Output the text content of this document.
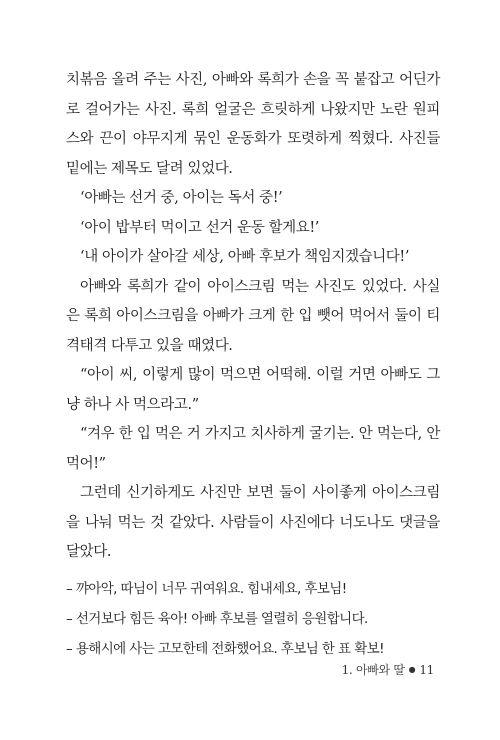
치볶음 올려 주는 사진, 아빠와 록희가 손을 꼭 붙잡고 어딘가로 걸어가는 사진. 록희 얼굴은 흐릿하게 나왔지만 노란 원피스와 끈이 야무지게 묶인 운동화가 또렷하게 찍혔다. 사진들 밑에는 제목도 달려 있었다.

‘아빠는 선거 중, 아이는 독서 중!’

‘아이 밥부터 먹이고 선거 운동 할게요!’

‘내 아이가 살아갈 세상, 아빠 후보가 책임지겠습니다!’

아빠와 록희가 같이 아이스크림 먹는 사진도 있었다. 사실은 록희 아이스크림을 아빠가 크게 한 입 뺏어 먹어서 둘이 티격태격 다투고 있을 때였다.

“아이 씨, 이렇게 많이 먹으면 어떡해. 이럴 거면 아빠도 그냥 하나 사 먹으라고.”

“겨우 한 입 먹은 거 가지고 치사하게 굴기는. 안 먹는다, 안 먹어!”

그런데 신기하게도 사진만 보면 둘이 사이좋게 아이스크림을 나눠 먹는 것 같았다. 사람들이 사진에다 너도나도 댓글을 달았다.

– 꺄아악, 따님이 너무 귀여워요. 힘내세요, 후보님!

– 선거보다 힘든 육아! 아빠 후보를 열렬히 응원합니다.

– 용해시에 사는 고모한테 전화했어요. 후보님 한 표 확보!

1. 아빠와 딸 ● 11
